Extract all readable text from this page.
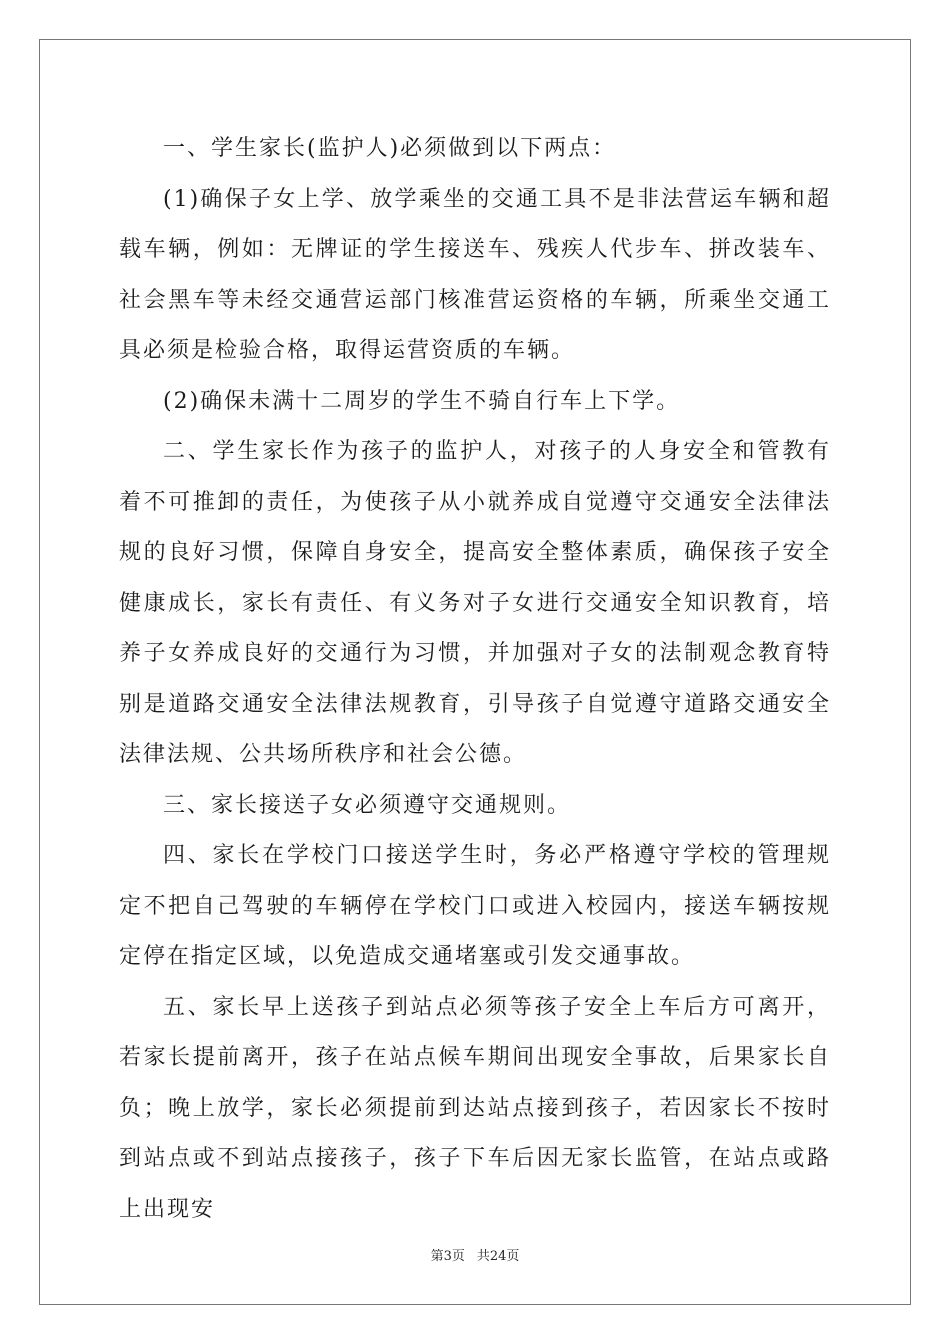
一、学生家长(监护人)必须做到以下两点：

(1)确保子女上学、放学乘坐的交通工具不是非法营运车辆和超载车辆，例如：无牌证的学生接送车、残疾人代步车、拼改装车、社会黑车等未经交通营运部门核准营运资格的车辆，所乘坐交通工具必须是检验合格，取得运营资质的车辆。

(2)确保未满十二周岁的学生不骑自行车上下学。

二、学生家长作为孩子的监护人，对孩子的人身安全和管教有着不可推卸的责任，为使孩子从小就养成自觉遵守交通安全法律法规的良好习惯，保障自身安全，提高安全整体素质，确保孩子安全健康成长，家长有责任、有义务对子女进行交通安全知识教育，培养子女养成良好的交通行为习惯，并加强对子女的法制观念教育特别是道路交通安全法律法规教育，引导孩子自觉遵守道路交通安全法律法规、公共场所秩序和社会公德。

三、家长接送子女必须遵守交通规则。

四、家长在学校门口接送学生时，务必严格遵守学校的管理规定不把自己驾驶的车辆停在学校门口或进入校园内，接送车辆按规定停在指定区域，以免造成交通堵塞或引发交通事故。

五、家长早上送孩子到站点必须等孩子安全上车后方可离开，若家长提前离开，孩子在站点候车期间出现安全事故，后果家长自负；晚上放学，家长必须提前到达站点接到孩子，若因家长不按时到站点或不到站点接孩子，孩子下车后因无家长监管，在站点或路上出现安

第3页 共24页
